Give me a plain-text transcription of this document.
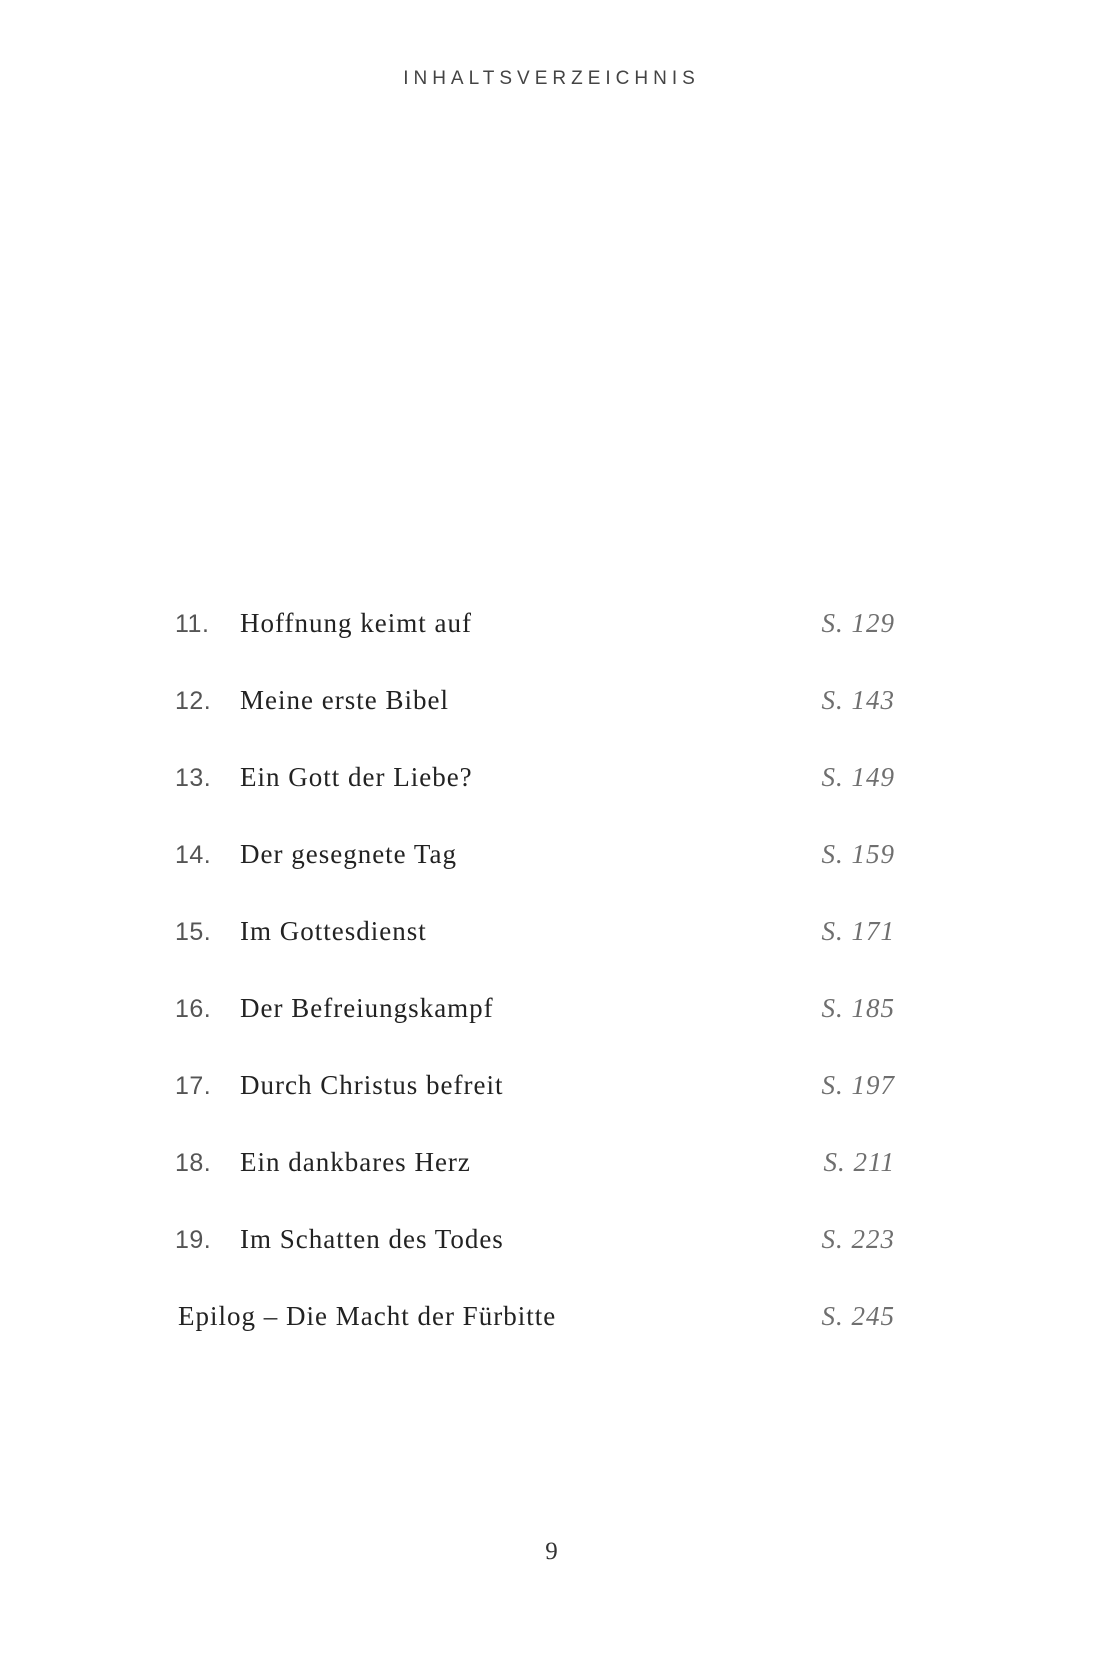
INHALTSVERZEICHNIS
11. Hoffnung keimt auf	S. 129
12. Meine erste Bibel	S. 143
13. Ein Gott der Liebe?	S. 149
14. Der gesegnete Tag	S. 159
15. Im Gottesdienst	S. 171
16. Der Befreiungskampf	S. 185
17. Durch Christus befreit	S. 197
18. Ein dankbares Herz	S. 211
19. Im Schatten des Todes	S. 223
Epilog – Die Macht der Fürbitte	S. 245
9
